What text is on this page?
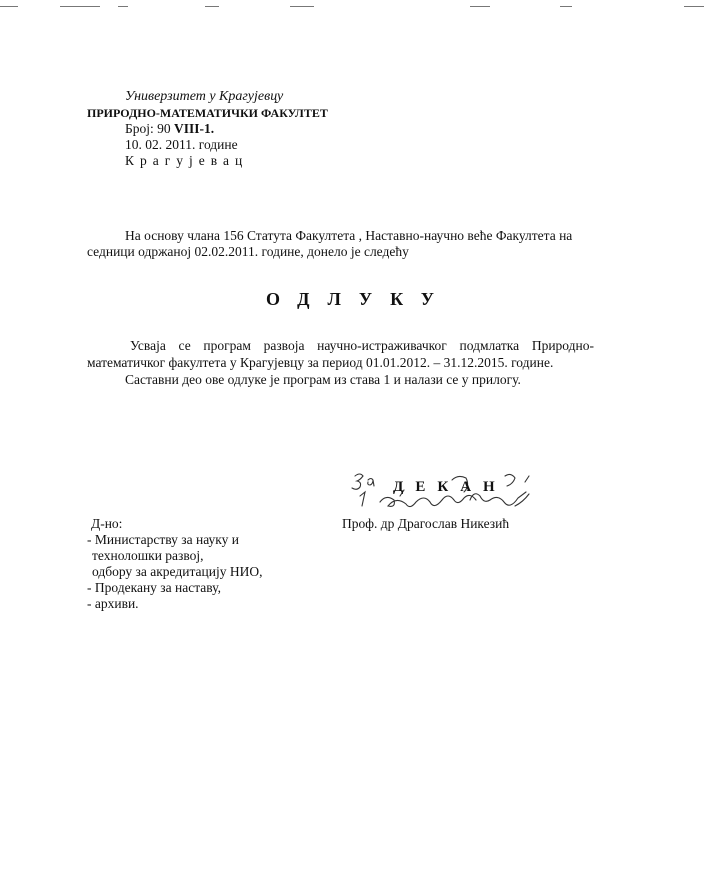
Универзитет у Крагујевцу
ПРИРОДНО-МАТЕМАТИЧКИ ФАКУЛТЕТ
Број: 90 VIII-1.
10. 02. 2011. године
Крагујевац
На основу члана 156 Статута Факултета , Наставно-научно веће Факултета на
седници одржаној 02.02.2011. године, донело је следећу
ОДЛУКУ
Усваја се програм развоја научно-истраживачког подмлатка Природно-
математичког факултета у Крагујевцу за период 01.01.2012. – 31.12.2015. године.
Саставни део ове одлуке је програм из става 1 и налази се у прилогу.
ДЕКАН
Проф. др Драгослав Никезић
Д-но:
- Министарству за науку и
технолошки развој,
одбору за акредитацију НИО,
- Продекану за наставу,
- архиви.
